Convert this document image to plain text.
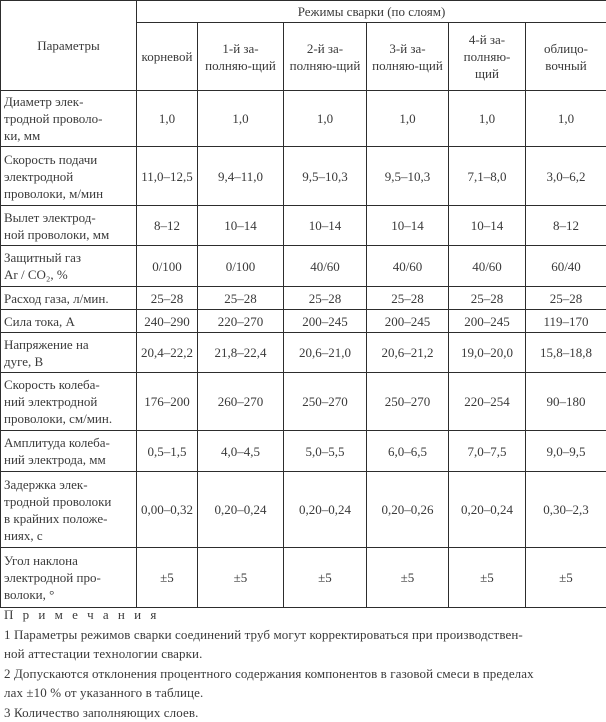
Параметры	Режимы сварки (по слоям)					
	корневой	1-й за-полняю-щий	2-й за-полняю-щий	3-й за-полняю-щий	4-й за-полняю-щий	облицо-вочный

Диаметр элек-
тродной проволо-
ки, мм	1,0	1,0	1,0	1,0	1,0	1,0

Скорость подачи
электродной
проволоки, м/мин	11,0–12,5	9,4–11,0	9,5–10,3	9,5–10,3	7,1–8,0	3,0–6,2

Вылет электрод-
ной проволоки, мм	8–12	10–14	10–14	10–14	10–14	8–12

Защитный газ
Ar / CO₂, %	0/100	0/100	40/60	40/60	40/60	60/40

Расход газа, л/мин.	25–28	25–28	25–28	25–28	25–28	25–28

Сила тока, А	240–290	220–270	200–245	200–245	200–245	119–170

Напряжение на
дуге, В	20,4–22,2	21,8–22,4	20,6–21,0	20,6–21,2	19,0–20,0	15,8–18,8

Скорость колеба-
ний электродной
проволоки, см/мин.	176–200	260–270	250–270	250–270	220–254	90–180

Амплитуда колеба-
ний электрода, мм	0,5–1,5	4,0–4,5	5,0–5,5	6,0–6,5	7,0–7,5	9,0–9,5

Задержка элек-
тродной проволоки
в крайних положе-
ниях, с	0,00–0,32	0,20–0,24	0,20–0,24	0,20–0,26	0,20–0,24	0,30–2,3

Угол наклона
электродной про-
волоки, °	±5	±5	±5	±5	±5	±5
П р и м е ч а н и я
1 Параметры режимов сварки соединений труб могут корректироваться при производствен-
ной аттестации технологии сварки.
2 Допускаются отклонения процентного содержания компонентов в газовой смеси в пределах
лах ±10 % от указанного в таблице.
3 Количество заполняющих слоев.
